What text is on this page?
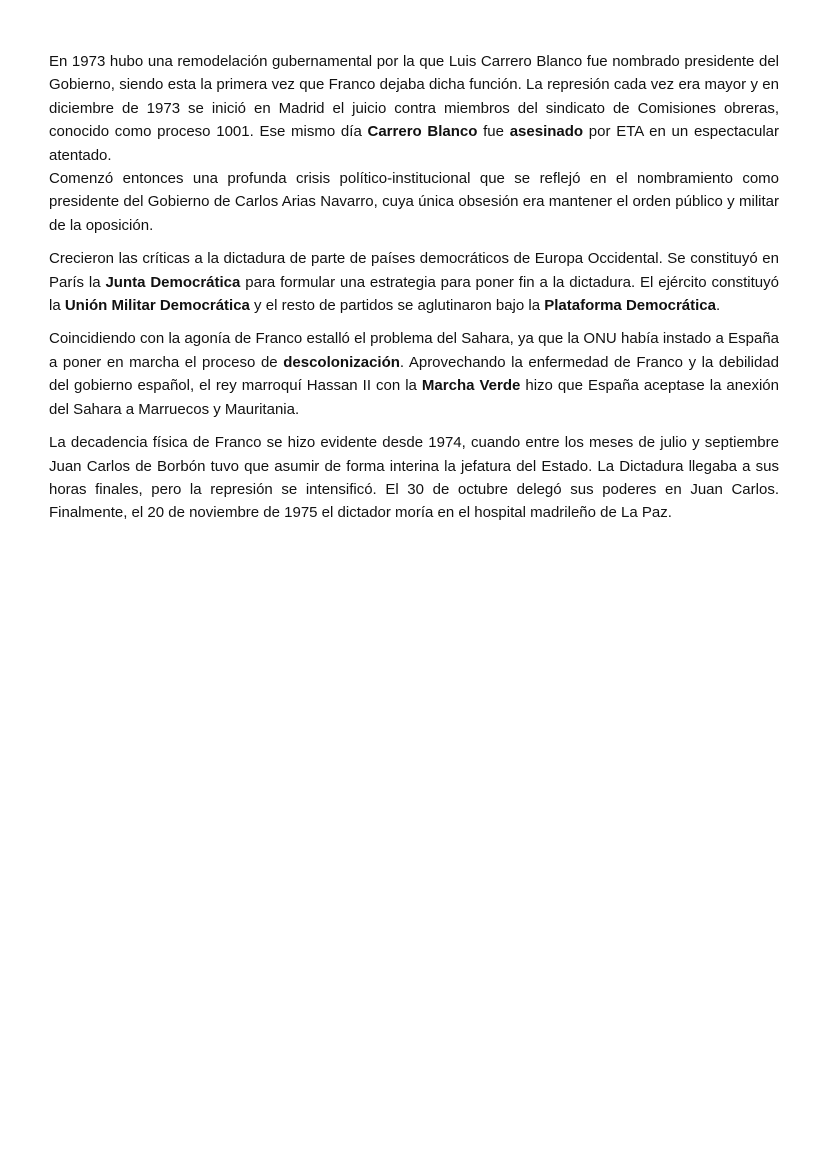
En 1973 hubo una remodelación gubernamental por la que Luis Carrero Blanco fue nombrado presidente del Gobierno, siendo esta la primera vez que Franco dejaba dicha función. La represión cada vez era mayor y en diciembre de 1973 se inició en Madrid el juicio contra miembros del sindicato de Comisiones obreras, conocido como proceso 1001. Ese mismo día Carrero Blanco fue asesinado por ETA en un espectacular atentado.

Comenzó entonces una profunda crisis político-institucional que se reflejó en el nombramiento como presidente del Gobierno de Carlos Arias Navarro, cuya única obsesión era mantener el orden público y militar de la oposición.

Crecieron las críticas a la dictadura de parte de países democráticos de Europa Occidental. Se constituyó en París la Junta Democrática para formular una estrategia para poner fin a la dictadura. El ejército constituyó la Unión Militar Democrática y el resto de partidos se aglutinaron bajo la Plataforma Democrática.

Coincidiendo con la agonía de Franco estalló el problema del Sahara, ya que la ONU había instado a España a poner en marcha el proceso de descolonización. Aprovechando la enfermedad de Franco y la debilidad del gobierno español, el rey marroquí Hassan II con la Marcha Verde hizo que España aceptase la anexión del Sahara a Marruecos y Mauritania.

La decadencia física de Franco se hizo evidente desde 1974, cuando entre los meses de julio y septiembre Juan Carlos de Borbón tuvo que asumir de forma interina la jefatura del Estado. La Dictadura llegaba a sus horas finales, pero la represión se intensificó. El 30 de octubre delegó sus poderes en Juan Carlos. Finalmente, el 20 de noviembre de 1975 el dictador moría en el hospital madrileño de La Paz.
